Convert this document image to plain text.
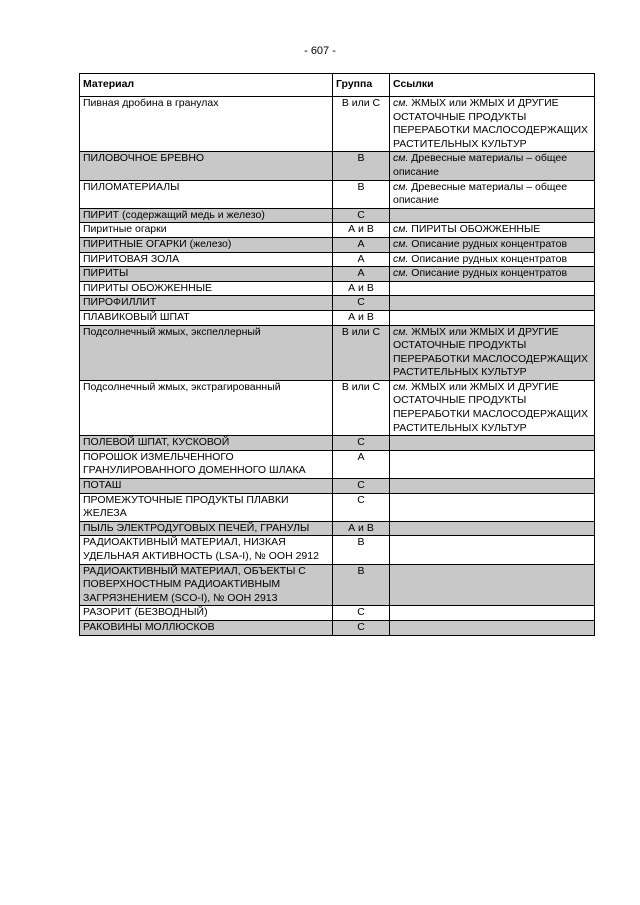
- 607 -
Материал	Группа	Ссылки
Пивная дробина в гранулах	В или С	см. ЖМЫХ или ЖМЫХ И ДРУГИЕ ОСТАТОЧНЫЕ ПРОДУКТЫ ПЕРЕРАБОТКИ МАСЛОСОДЕРЖАЩИХ РАСТИТЕЛЬНЫХ КУЛЬТУР
ПИЛОВОЧНОЕ БРЕВНО	В	см. Древесные материалы – общее описание
ПИЛОМАТЕРИАЛЫ	В	см. Древесные материалы – общее описание
ПИРИТ (содержащий медь и железо)	С	
Пиритные огарки	А и В	см. ПИРИТЫ ОБОЖЖЕННЫЕ
ПИРИТНЫЕ ОГАРКИ (железо)	А	см. Описание рудных концентратов
ПИРИТОВАЯ ЗОЛА	А	см. Описание рудных концентратов
ПИРИТЫ	А	см. Описание рудных концентратов
ПИРИТЫ ОБОЖЖЕННЫЕ	А и В	
ПИРОФИЛЛИТ	С	
ПЛАВИКОВЫЙ ШПАТ	А и В	
Подсолнечный жмых, экспеллерный	В или С	см. ЖМЫХ или ЖМЫХ И ДРУГИЕ ОСТАТОЧНЫЕ ПРОДУКТЫ ПЕРЕРАБОТКИ МАСЛОСОДЕРЖАЩИХ РАСТИТЕЛЬНЫХ КУЛЬТУР
Подсолнечный жмых, экстрагированный	В или С	см. ЖМЫХ или ЖМЫХ И ДРУГИЕ ОСТАТОЧНЫЕ ПРОДУКТЫ ПЕРЕРАБОТКИ МАСЛОСОДЕРЖАЩИХ РАСТИТЕЛЬНЫХ КУЛЬТУР
ПОЛЕВОЙ ШПАТ, КУСКОВОЙ	С	
ПОРОШОК ИЗМЕЛЬЧЕННОГО ГРАНУЛИРОВАННОГО ДОМЕННОГО ШЛАКА	А	
ПОТАШ	С	
ПРОМЕЖУТОЧНЫЕ ПРОДУКТЫ ПЛАВКИ ЖЕЛЕЗА	С	
ПЫЛЬ ЭЛЕКТРОДУГОВЫХ ПЕЧЕЙ, ГРАНУЛЫ	А и В	
РАДИОАКТИВНЫЙ МАТЕРИАЛ, НИЗКАЯ УДЕЛЬНАЯ АКТИВНОСТЬ (LSA-I), № ООН 2912	В	
РАДИОАКТИВНЫЙ МАТЕРИАЛ, ОБЪЕКТЫ С ПОВЕРХНОСТНЫМ РАДИОАКТИВНЫМ ЗАГРЯЗНЕНИЕМ (SCO-I), № ООН 2913	В	
РАЗОРИТ (БЕЗВОДНЫЙ)	С	
РАКОВИНЫ МОЛЛЮСКОВ	С	
